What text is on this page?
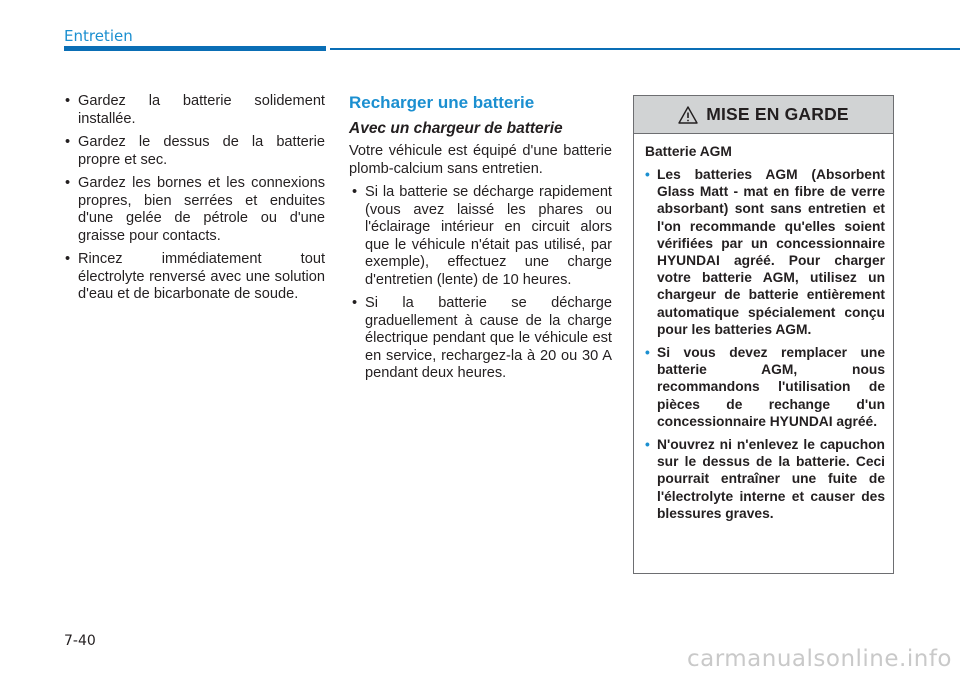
Entretien
• Gardez la batterie solidement installée.
• Gardez le dessus de la batterie propre et sec.
• Gardez les bornes et les connexions propres, bien serrées et enduites d'une gelée de pétrole ou d'une graisse pour contacts.
• Rincez immédiatement tout électrolyte renversé avec une solution d'eau et de bicarbonate de soude.
Recharger une batterie
Avec un chargeur de batterie

Votre véhicule est équipé d'une batterie plomb-calcium sans entretien.

• Si la batterie se décharge rapidement (vous avez laissé les phares ou l'éclairage intérieur en circuit alors que le véhicule n'était pas utilisé, par exemple), effectuez une charge d'entretien (lente) de 10 heures.
• Si la batterie se décharge graduellement à cause de la charge électrique pendant que le véhicule est en service, rechargez-la à 20 ou 30 A pendant deux heures.
MISE EN GARDE
Batterie AGM
• Les batteries AGM (Absorbent Glass Matt - mat en fibre de verre absorbant) sont sans entretien et l'on recommande qu'elles soient vérifiées par un concessionnaire HYUNDAI agréé. Pour charger votre batterie AGM, utilisez un chargeur de batterie entièrement automatique spécialement conçu pour les batteries AGM.
• Si vous devez remplacer une batterie AGM, nous recommandons l'utilisation de pièces de rechange d'un concessionnaire HYUNDAI agréé.
• N'ouvrez ni n'enlevez le capuchon sur le dessus de la batterie. Ceci pourrait entraîner une fuite de l'électrolyte interne et causer des blessures graves.
7-40
carmanualsonline.info
